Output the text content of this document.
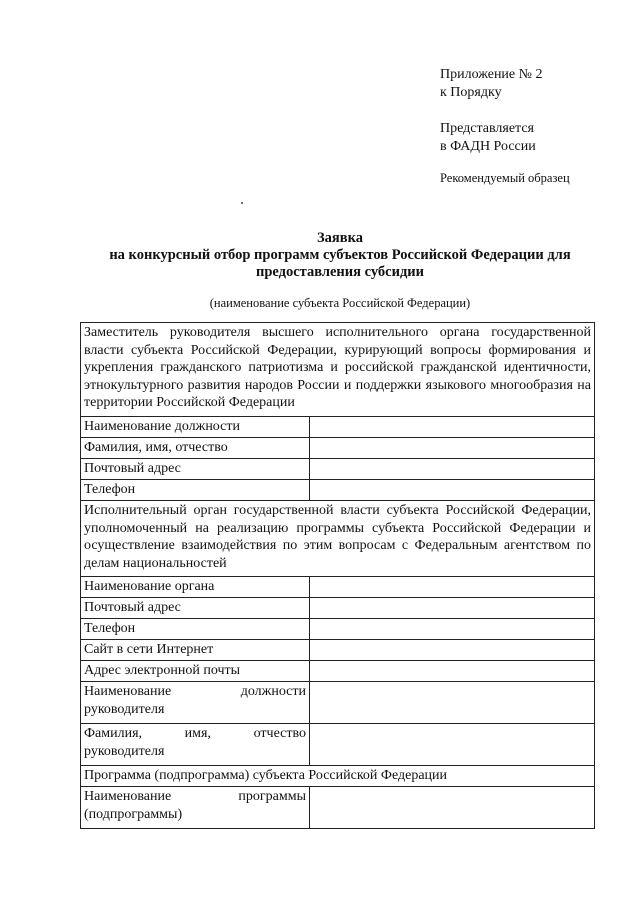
Приложение № 2
к Порядку
Представляется
в ФАДН России
Рекомендуемый образец
Заявка
на конкурсный отбор программ субъектов Российской Федерации для
предоставления субсидии
(наименование субъекта Российской Федерации)
Заместитель руководителя высшего исполнительного органа государственной власти субъекта Российской Федерации, курирующий вопросы формирования и укрепления гражданского патриотизма и российской гражданской идентичности, этнокультурного развития народов России и поддержки языкового многообразия на территории Российской Федерации	
Наименование должности	
Фамилия, имя, отчество	
Почтовый адрес	
Телефон	
Исполнительный орган государственной власти субъекта Российской Федерации, уполномоченный на реализацию программы субъекта Российской Федерации и осуществление взаимодействия по этим вопросам с Федеральным агентством по делам национальностей	
Наименование органа	
Почтовый адрес	
Телефон	
Сайт в сети Интернет	
Адрес электронной почты	
Наименование должности руководителя	
Фамилия, имя, отчество руководителя	
Программа (подпрограмма) субъекта Российской Федерации	
Наименование программы (подпрограммы)	
